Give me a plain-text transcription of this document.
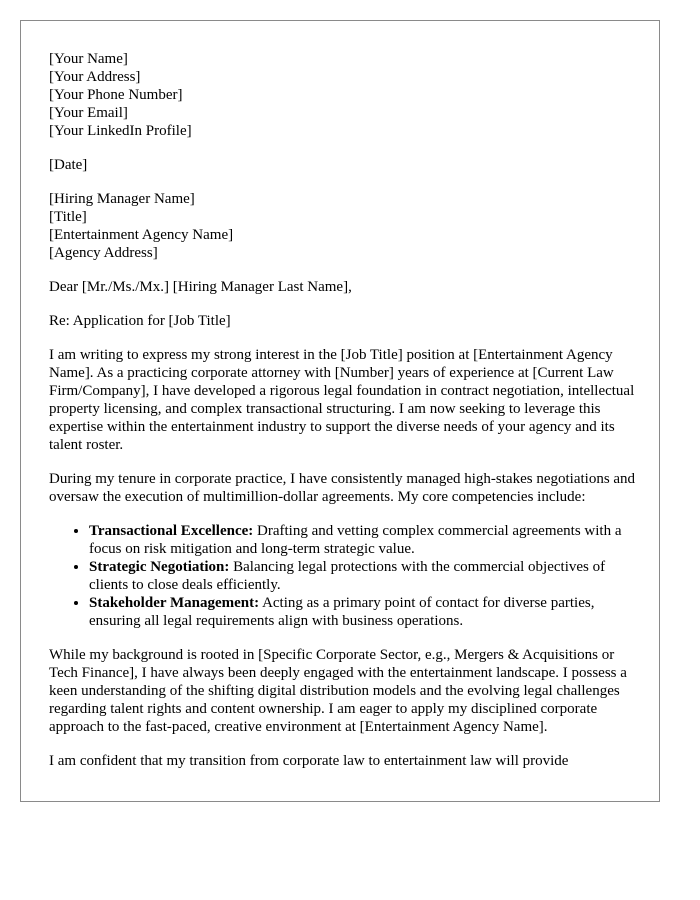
[Your Name]
[Your Address]
[Your Phone Number]
[Your Email]
[Your LinkedIn Profile]
[Date]
[Hiring Manager Name]
[Title]
[Entertainment Agency Name]
[Agency Address]

Dear [Mr./Ms./Mx.] [Hiring Manager Last Name],

Re: Application for [Job Title]

I am writing to express my strong interest in the [Job Title] position at [Entertainment Agency Name]. As a practicing corporate attorney with [Number] years of experience at [Current Law Firm/Company], I have developed a rigorous legal foundation in contract negotiation, intellectual property licensing, and complex transactional structuring. I am now seeking to leverage this expertise within the entertainment industry to support the diverse needs of your agency and its talent roster.

During my tenure in corporate practice, I have consistently managed high-stakes negotiations and oversaw the execution of multimillion-dollar agreements. My core competencies include:

• Transactional Excellence: Drafting and vetting complex commercial agreements with a focus on risk mitigation and long-term strategic value.
• Strategic Negotiation: Balancing legal protections with the commercial objectives of clients to close deals efficiently.
• Stakeholder Management: Acting as a primary point of contact for diverse parties, ensuring all legal requirements align with business operations.

While my background is rooted in [Specific Corporate Sector, e.g., Mergers & Acquisitions or Tech Finance], I have always been deeply engaged with the entertainment landscape. I possess a keen understanding of the shifting digital distribution models and the evolving legal challenges regarding talent rights and content ownership. I am eager to apply my disciplined corporate approach to the fast-paced, creative environment at [Entertainment Agency Name].

I am confident that my transition from corporate law to entertainment law will provide
